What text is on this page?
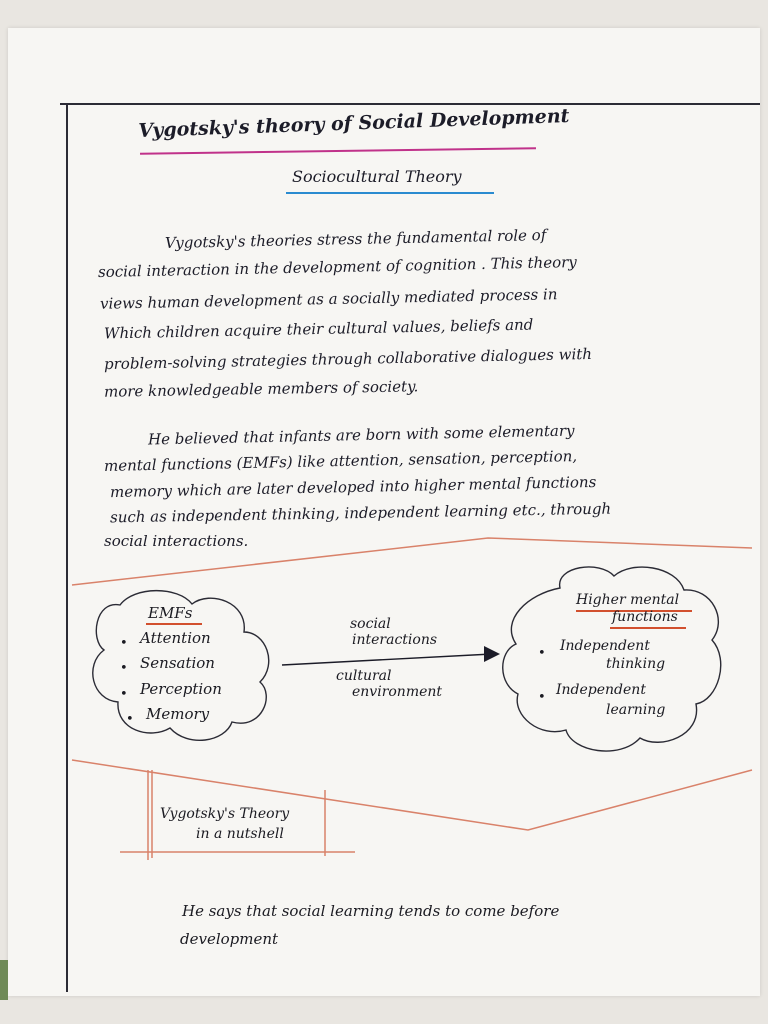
Vygotsky's theory of Social Development
Sociocultural Theory
Vygotsky's theories stress the fundamental role of
social interaction in the development of cognition . This theory
views human development as a socially mediated process in
Which children acquire their cultural values, beliefs and
problem-solving strategies through collaborative dialogues with
more knowledgeable members of society.
He believed that infants are born with some elementary
mental functions (EMFs) like attention, sensation, perception,
memory which are later developed into higher mental functions
such as independent thinking, independent learning etc., through
social interactions.
EMFs
• Attention
• Sensation
• Perception
• Memory
social
interactions
cultural
environment
Higher mental
functions
• Independent
thinking
• Independent
learning
Vygotsky's Theory
in a nutshell
He says that social learning tends to come before
development
